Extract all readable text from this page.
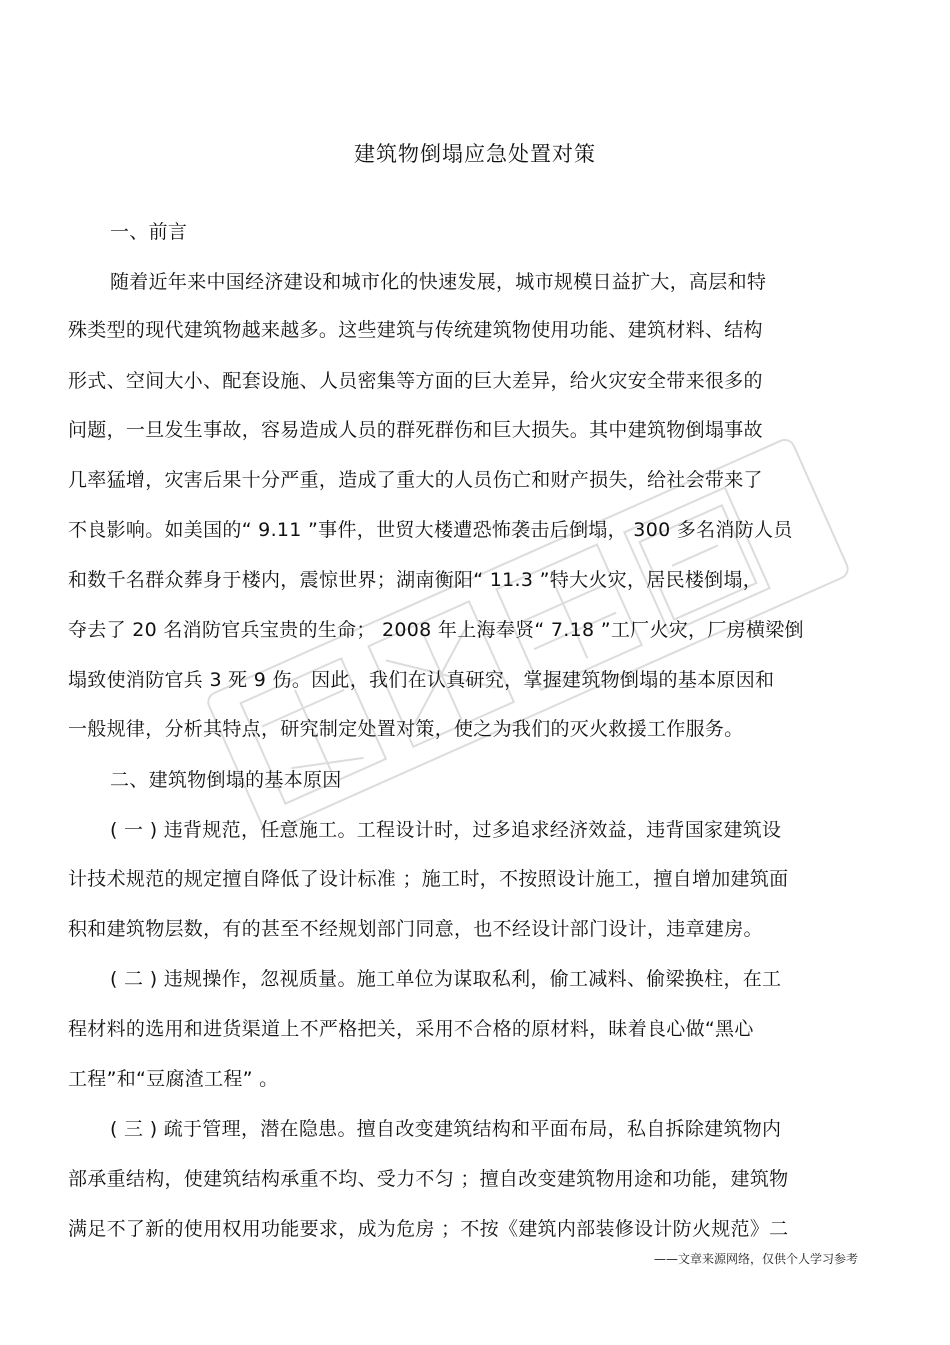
建筑物倒塌应急处置对策
一、前言
随着近年来中国经济建设和城市化的快速发展，城市规模日益扩大，高层和特
殊类型的现代建筑物越来越多。这些建筑与传统建筑物使用功能、建筑材料、结构
形式、空间大小、配套设施、人员密集等方面的巨大差异，给火灾安全带来很多的
问题，一旦发生事故，容易造成人员的群死群伤和巨大损失。其中建筑物倒塌事故
几率猛增，灾害后果十分严重，造成了重大的人员伤亡和财产损失，给社会带来了
不良影响。如美国的“ 9.11 ”事件，世贸大楼遭恐怖袭击后倒塌， 300 多名消防人员
和数千名群众葬身于楼内，震惊世界；湖南衡阳“ 11.3 ”特大火灾，居民楼倒塌，
夺去了 20 名消防官兵宝贵的生命； 2008 年上海奉贤“ 7.18 ”工厂火灾，厂房横梁倒
塌致使消防官兵 3 死 9 伤。因此，我们在认真研究，掌握建筑物倒塌的基本原因和
一般规律，分析其特点，研究制定处置对策，使之为我们的灭火救援工作服务。
二、建筑物倒塌的基本原因
( 一 ) 违背规范，任意施工。工程设计时，过多追求经济效益，违背国家建筑设
计技术规范的规定擅自降低了设计标准 ；施工时，不按照设计施工，擅自增加建筑面
积和建筑物层数，有的甚至不经规划部门同意，也不经设计部门设计，违章建房。
( 二 ) 违规操作，忽视质量。施工单位为谋取私利，偷工减料、偷梁换柱，在工
程材料的选用和进货渠道上不严格把关，采用不合格的原材料，昧着良心做“黑心
工程”和“豆腐渣工程” 。
( 三 ) 疏于管理，潜在隐患。擅自改变建筑结构和平面布局，私自拆除建筑物内
部承重结构，使建筑结构承重不均、受力不匀 ；擅自改变建筑物用途和功能，建筑物
满足不了新的使用权用功能要求，成为危房 ；不按《建筑内部装修设计防火规范》二
——文章来源网络，仅供个人学习参考
